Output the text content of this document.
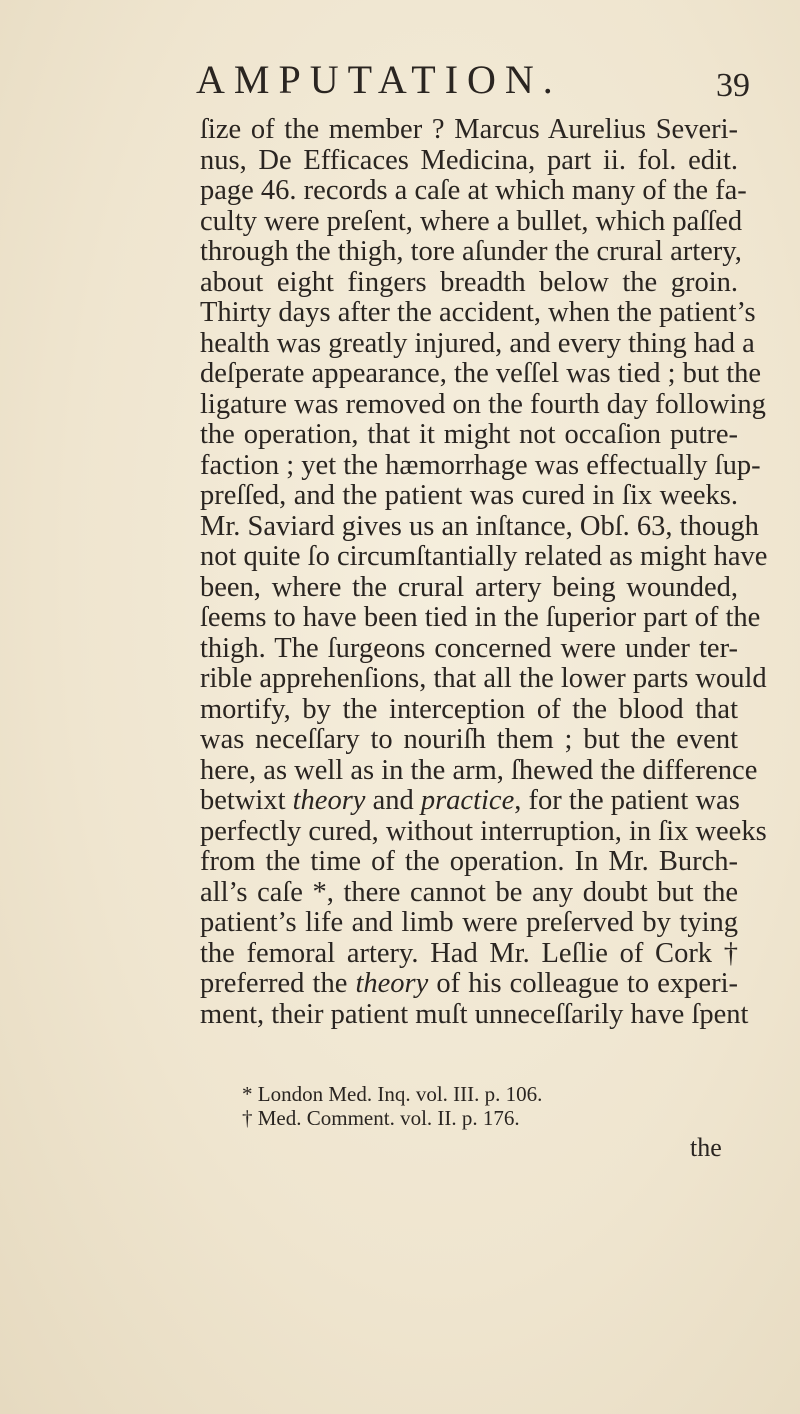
AMPUTATION.	39
ſize of the member ? Marcus Aurelius Severi-
nus, De Efficaces Medicina, part ii. fol. edit.
page 46. records a caſe at which many of the fa-
culty were preſent, where a bullet, which paſſed
through the thigh, tore aſunder the crural artery,
about eight fingers breadth below the groin.
Thirty days after the accident, when the patient’s
health was greatly injured, and every thing had a
deſperate appearance, the veſſel was tied ; but the
ligature was removed on the fourth day following
the operation, that it might not occaſion putre-
faction ; yet the hæmorrhage was effectually ſup-
preſſed, and the patient was cured in ſix weeks.
Mr. Saviard gives us an inſtance, Obſ. 63, though
not quite ſo circumſtantially related as might have
been, where the crural artery being wounded,
ſeems to have been tied in the ſuperior part of the
thigh. The ſurgeons concerned were under ter-
rible apprehenſions, that all the lower parts would
mortify, by the interception of the blood that
was neceſſary to nouriſh them ; but the event
here, as well as in the arm, ſhewed the difference
betwixt theory and practice, for the patient was
perfectly cured, without interruption, in ſix weeks
from the time of the operation. In Mr. Burch-
all’s caſe *, there cannot be any doubt but the
patient’s life and limb were preſerved by tying
the femoral artery. Had Mr. Leſlie of Cork †
preferred the theory of his colleague to experi-
ment, their patient muſt unneceſſarily have ſpent
* London Med. Inq. vol. III. p. 106.
† Med. Comment. vol. II. p. 176.
the
